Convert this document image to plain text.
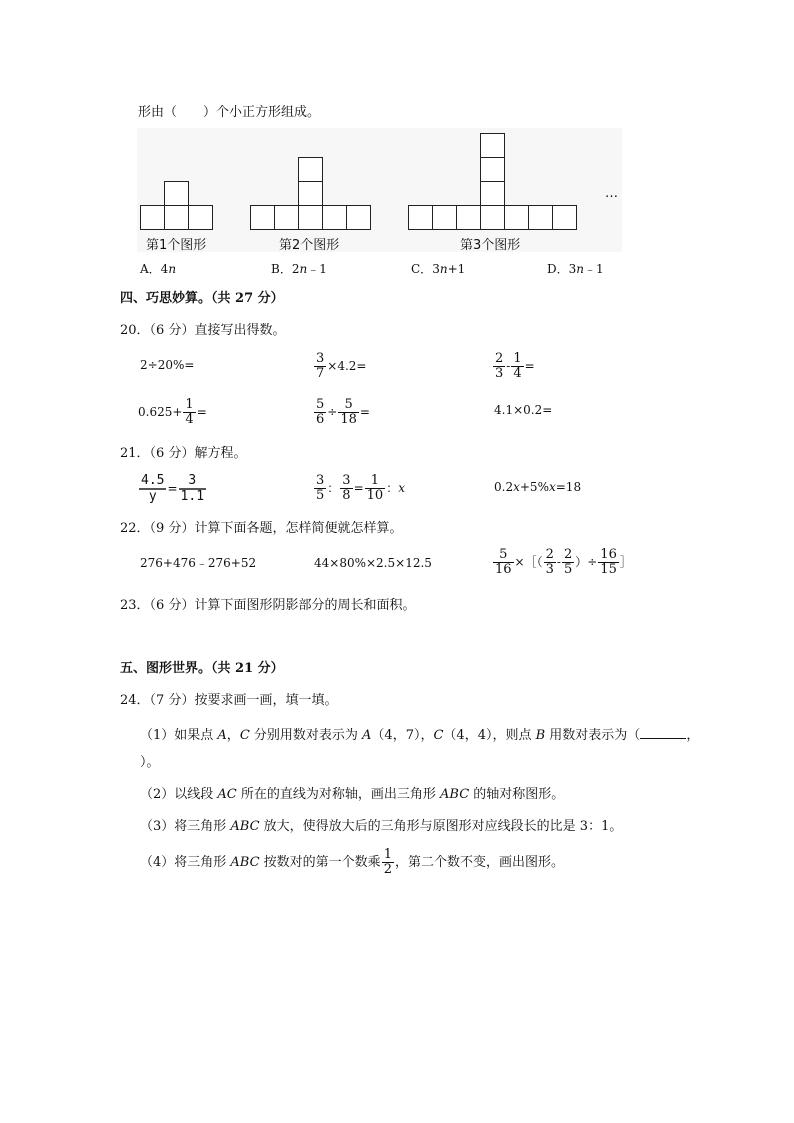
形由（　　）个小正方形组成。
第1个图形	第2个图形	第3个图形
…
A．4n	B．2n﹣1	C．3n+1	D．3n﹣1
四、巧思妙算。（共 27 分）
20．（6 分）直接写出得数。
2÷20%=	$\frac{3}{7} \times 4.2=$	$\frac{2}{3} - \frac{1}{4}$ =
$0.625+ \frac{1}{4}$ =	$\frac{5}{6} \div \frac{5}{18}$ =	4.1×0.2=
21．（6 分）解方程。
$\frac{4.5}{y} = \frac{3}{1.1}$	$\frac{3}{5}$ ： $\frac{3}{8} = \frac{1}{10}$ ：x	0.2x+5%x=18
22．（9 分）计算下面各题，怎样简便就怎样算。
276+476﹣276+52	44×80%×2.5×12.5	$\frac{5}{16}$ ×［（ $\frac{2}{3} - \frac{2}{5}$ ）÷ $\frac{16}{15}$ ］
23．（6 分）计算下面图形阴影部分的周长和面积。
五、图形世界。（共 21 分）
24．（7 分）按要求画一画，填一填。
（1）如果点 A，C 分别用数对表示为 A（4，7），C（4，4），则点 B 用数对表示为（	，
）。
（2）以线段 AC 所在的直线为对称轴，画出三角形 ABC 的轴对称图形。
（3）将三角形 ABC 放大，使得放大后的三角形与原图形对应线段长的比是 3：1。
（4）将三角形 ABC 按数对的第一个数乘 $\frac{1}{2}$ ，第二个数不变，画出图形。
